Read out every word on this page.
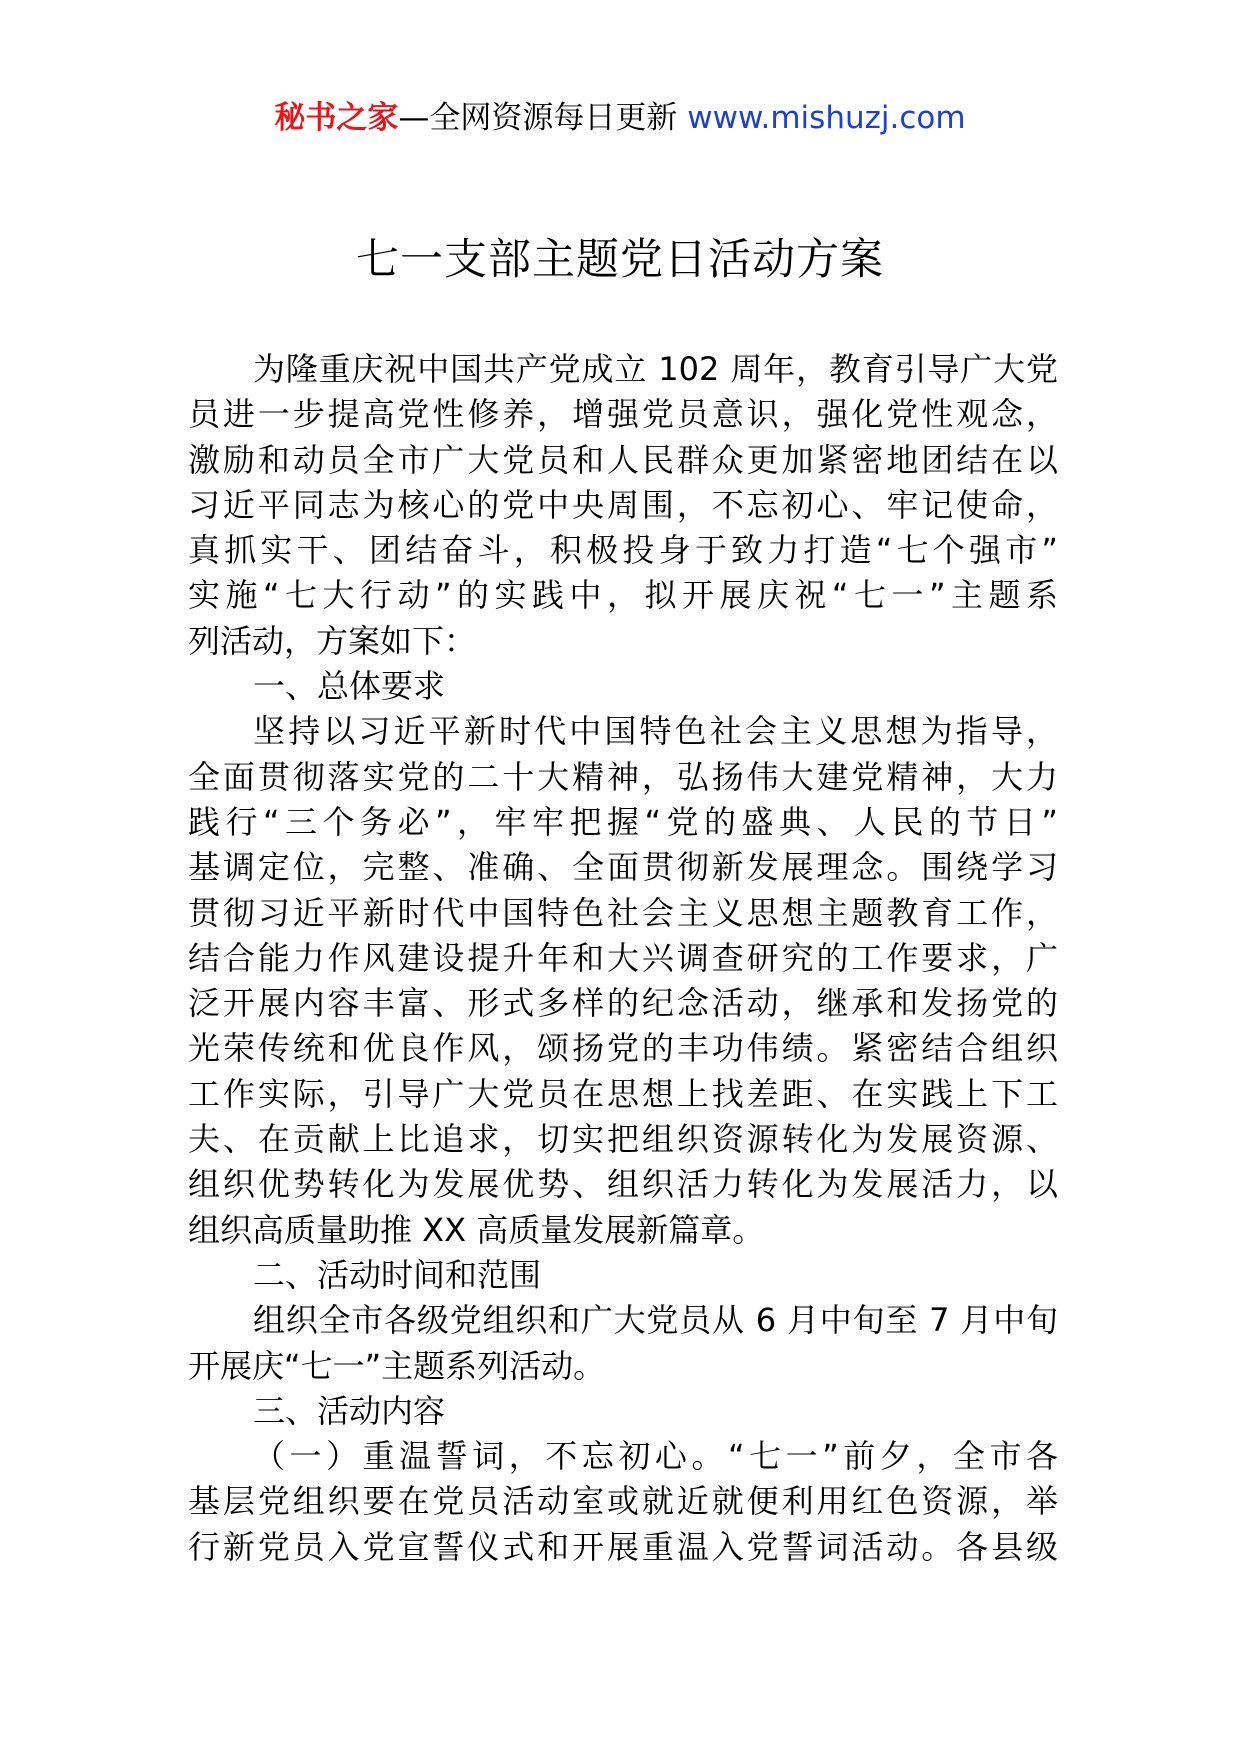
秘书之家—全网资源每日更新 www.mishuzj.com
七一支部主题党日活动方案
为隆重庆祝中国共产党成立 102 周年，教育引导广大党
员进一步提高党性修养，增强党员意识，强化党性观念，
激励和动员全市广大党员和人民群众更加紧密地团结在以
习近平同志为核心的党中央周围，不忘初心、牢记使命，
真抓实干、团结奋斗，积极投身于致力打造“七个强市”
实施“七大行动”的实践中，拟开展庆祝“七一”主题系
列活动，方案如下：
一、总体要求
坚持以习近平新时代中国特色社会主义思想为指导，
全面贯彻落实党的二十大精神，弘扬伟大建党精神，大力
践行“三个务必”，牢牢把握“党的盛典、人民的节日”
基调定位，完整、准确、全面贯彻新发展理念。围绕学习
贯彻习近平新时代中国特色社会主义思想主题教育工作，
结合能力作风建设提升年和大兴调查研究的工作要求，广
泛开展内容丰富、形式多样的纪念活动，继承和发扬党的
光荣传统和优良作风，颂扬党的丰功伟绩。紧密结合组织
工作实际，引导广大党员在思想上找差距、在实践上下工
夫、在贡献上比追求，切实把组织资源转化为发展资源、
组织优势转化为发展优势、组织活力转化为发展活力，以
组织高质量助推 XX 高质量发展新篇章。
二、活动时间和范围
组织全市各级党组织和广大党员从 6 月中旬至 7 月中旬
开展庆“七一”主题系列活动。
三、活动内容
（一）重温誓词，不忘初心。“七一”前夕，全市各
基层党组织要在党员活动室或就近就便利用红色资源，举
行新党员入党宣誓仪式和开展重温入党誓词活动。各县级
